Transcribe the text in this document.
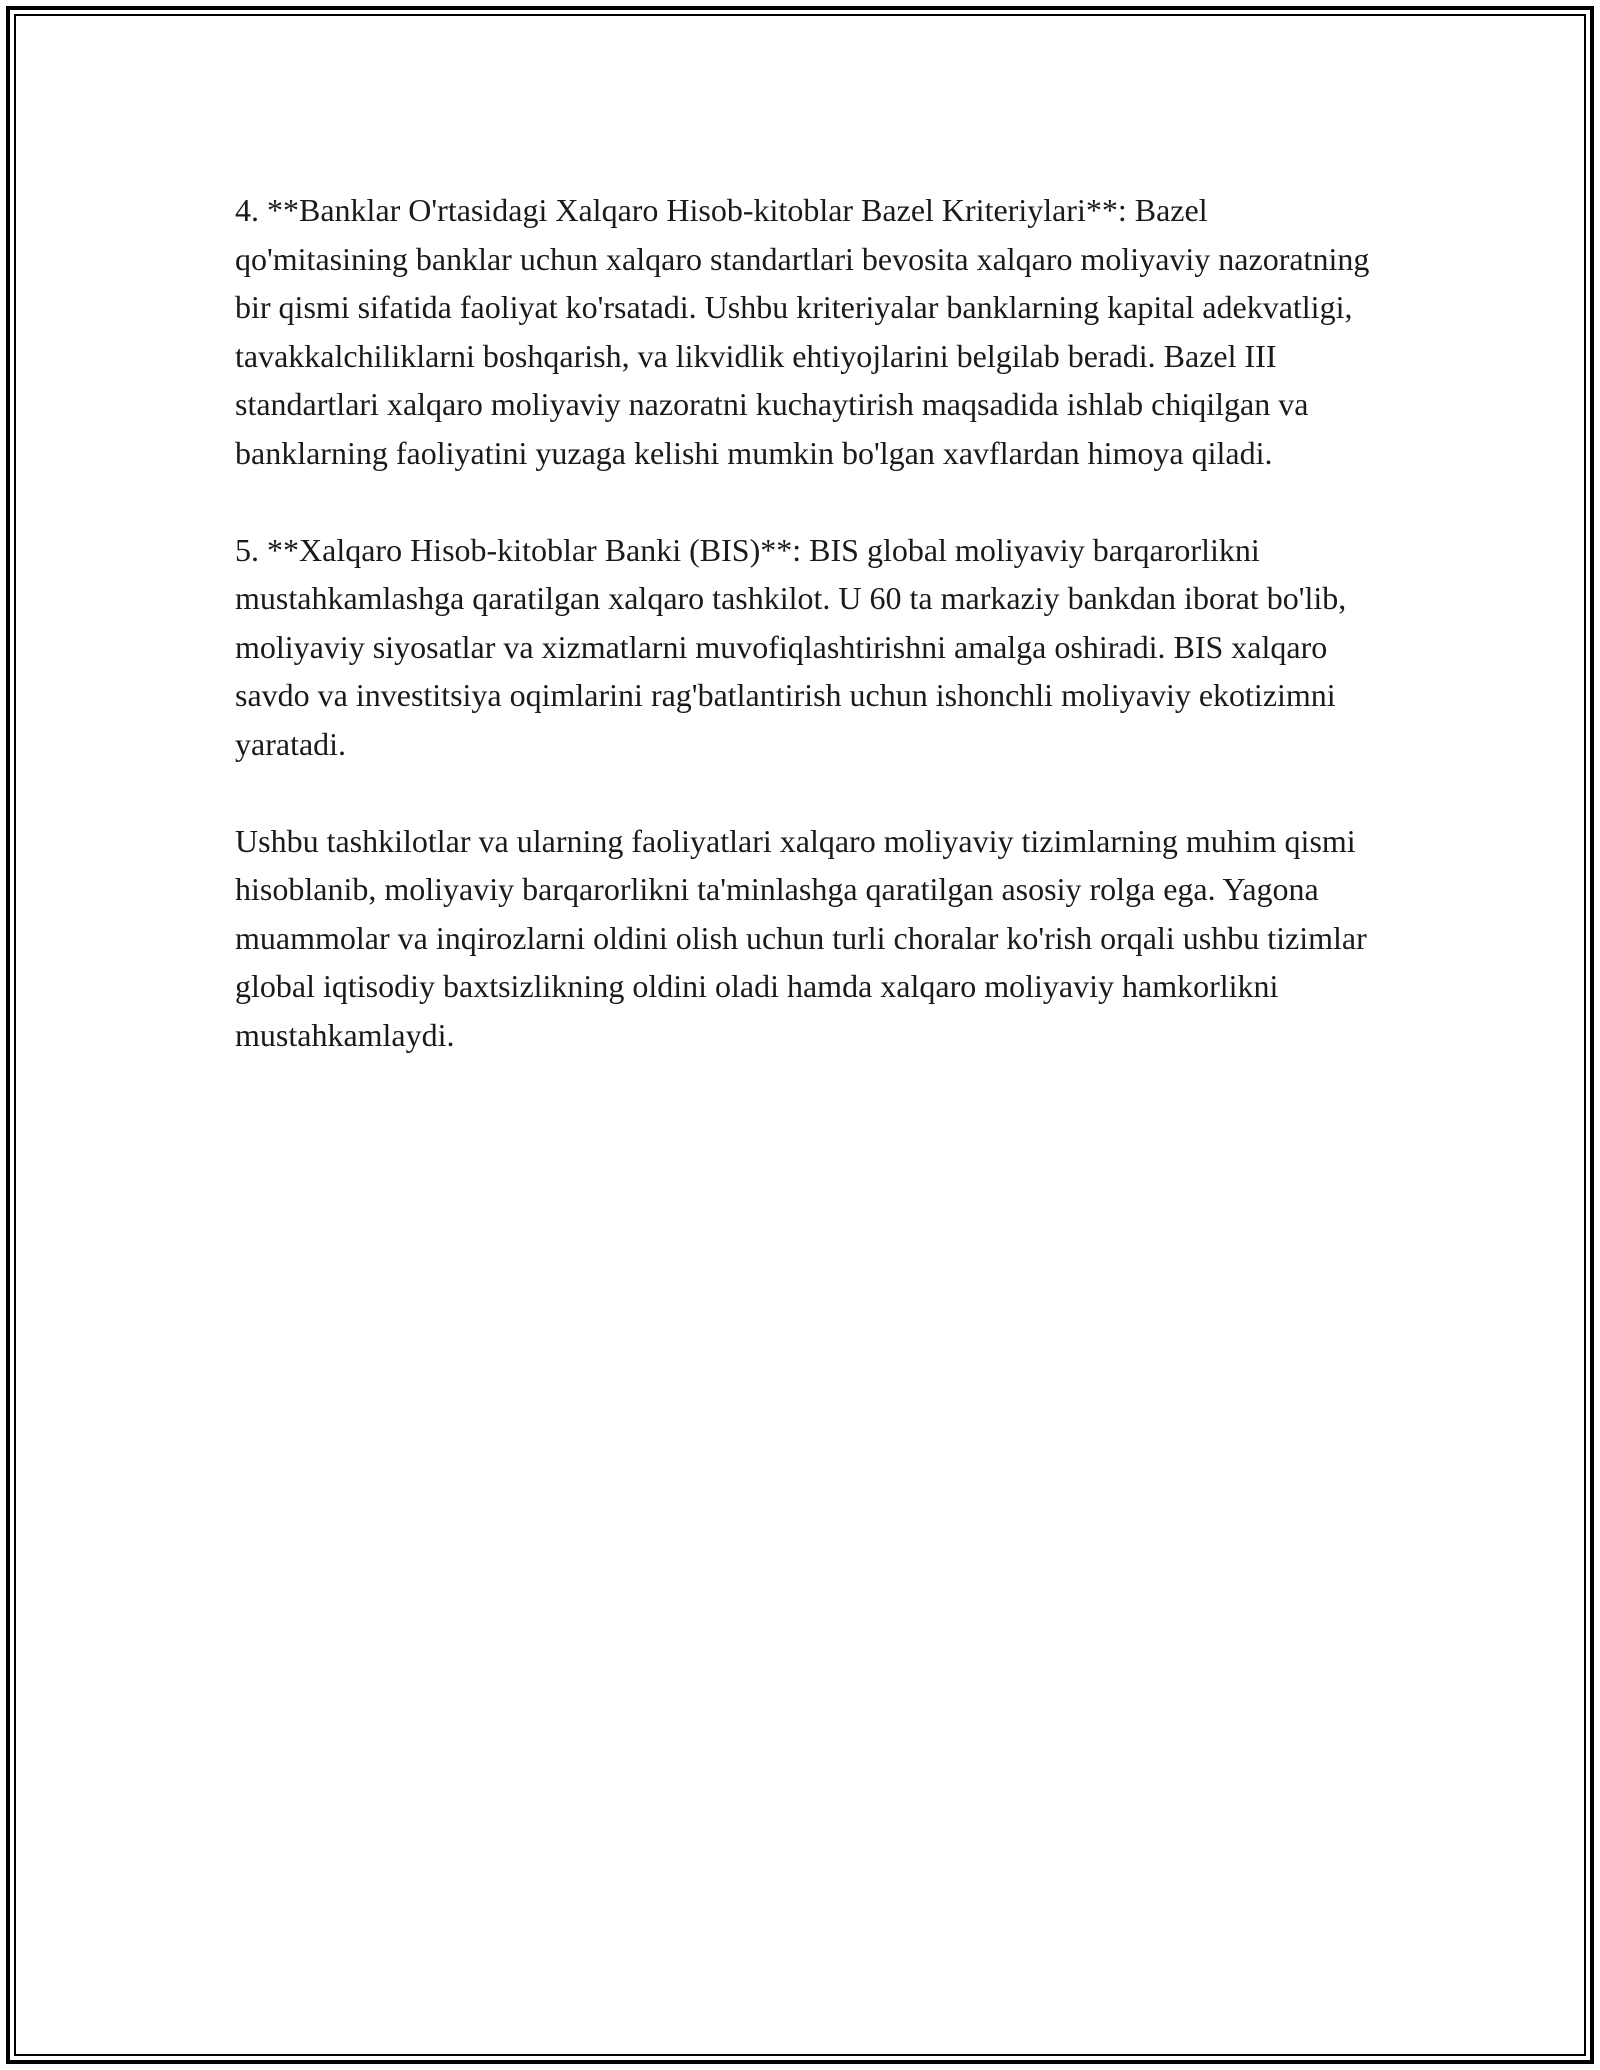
4. **Banklar O'rtasidagi Xalqaro Hisob-kitoblar Bazel Kriteriylari**: Bazel qo'mitasining banklar uchun xalqaro standartlari bevosita xalqaro moliyaviy nazoratning bir qismi sifatida faoliyat ko'rsatadi. Ushbu kriteriyalar banklarning kapital adekvatligi, tavakkalchiliklarni boshqarish, va likvidlik ehtiyojlarini belgilab beradi. Bazel III standartlari xalqaro moliyaviy nazoratni kuchaytirish maqsadida ishlab chiqilgan va banklarning faoliyatini yuzaga kelishi mumkin bo'lgan xavflardan himoya qiladi.

5. **Xalqaro Hisob-kitoblar Banki (BIS)**: BIS global moliyaviy barqarorlikni mustahkamlashga qaratilgan xalqaro tashkilot. U 60 ta markaziy bankdan iborat bo'lib, moliyaviy siyosatlar va xizmatlarni muvofiqlashtirishni amalga oshiradi. BIS xalqaro savdo va investitsiya oqimlarini rag'batlantirish uchun ishonchli moliyaviy ekotizimni yaratadi.

Ushbu tashkilotlar va ularning faoliyatlari xalqaro moliyaviy tizimlarning muhim qismi hisoblanib, moliyaviy barqarorlikni ta'minlashga qaratilgan asosiy rolga ega. Yagona muammolar va inqirozlarni oldini olish uchun turli choralar ko'rish orqali ushbu tizimlar global iqtisodiy baxtsizlikning oldini oladi hamda xalqaro moliyaviy hamkorlikni mustahkamlaydi.
